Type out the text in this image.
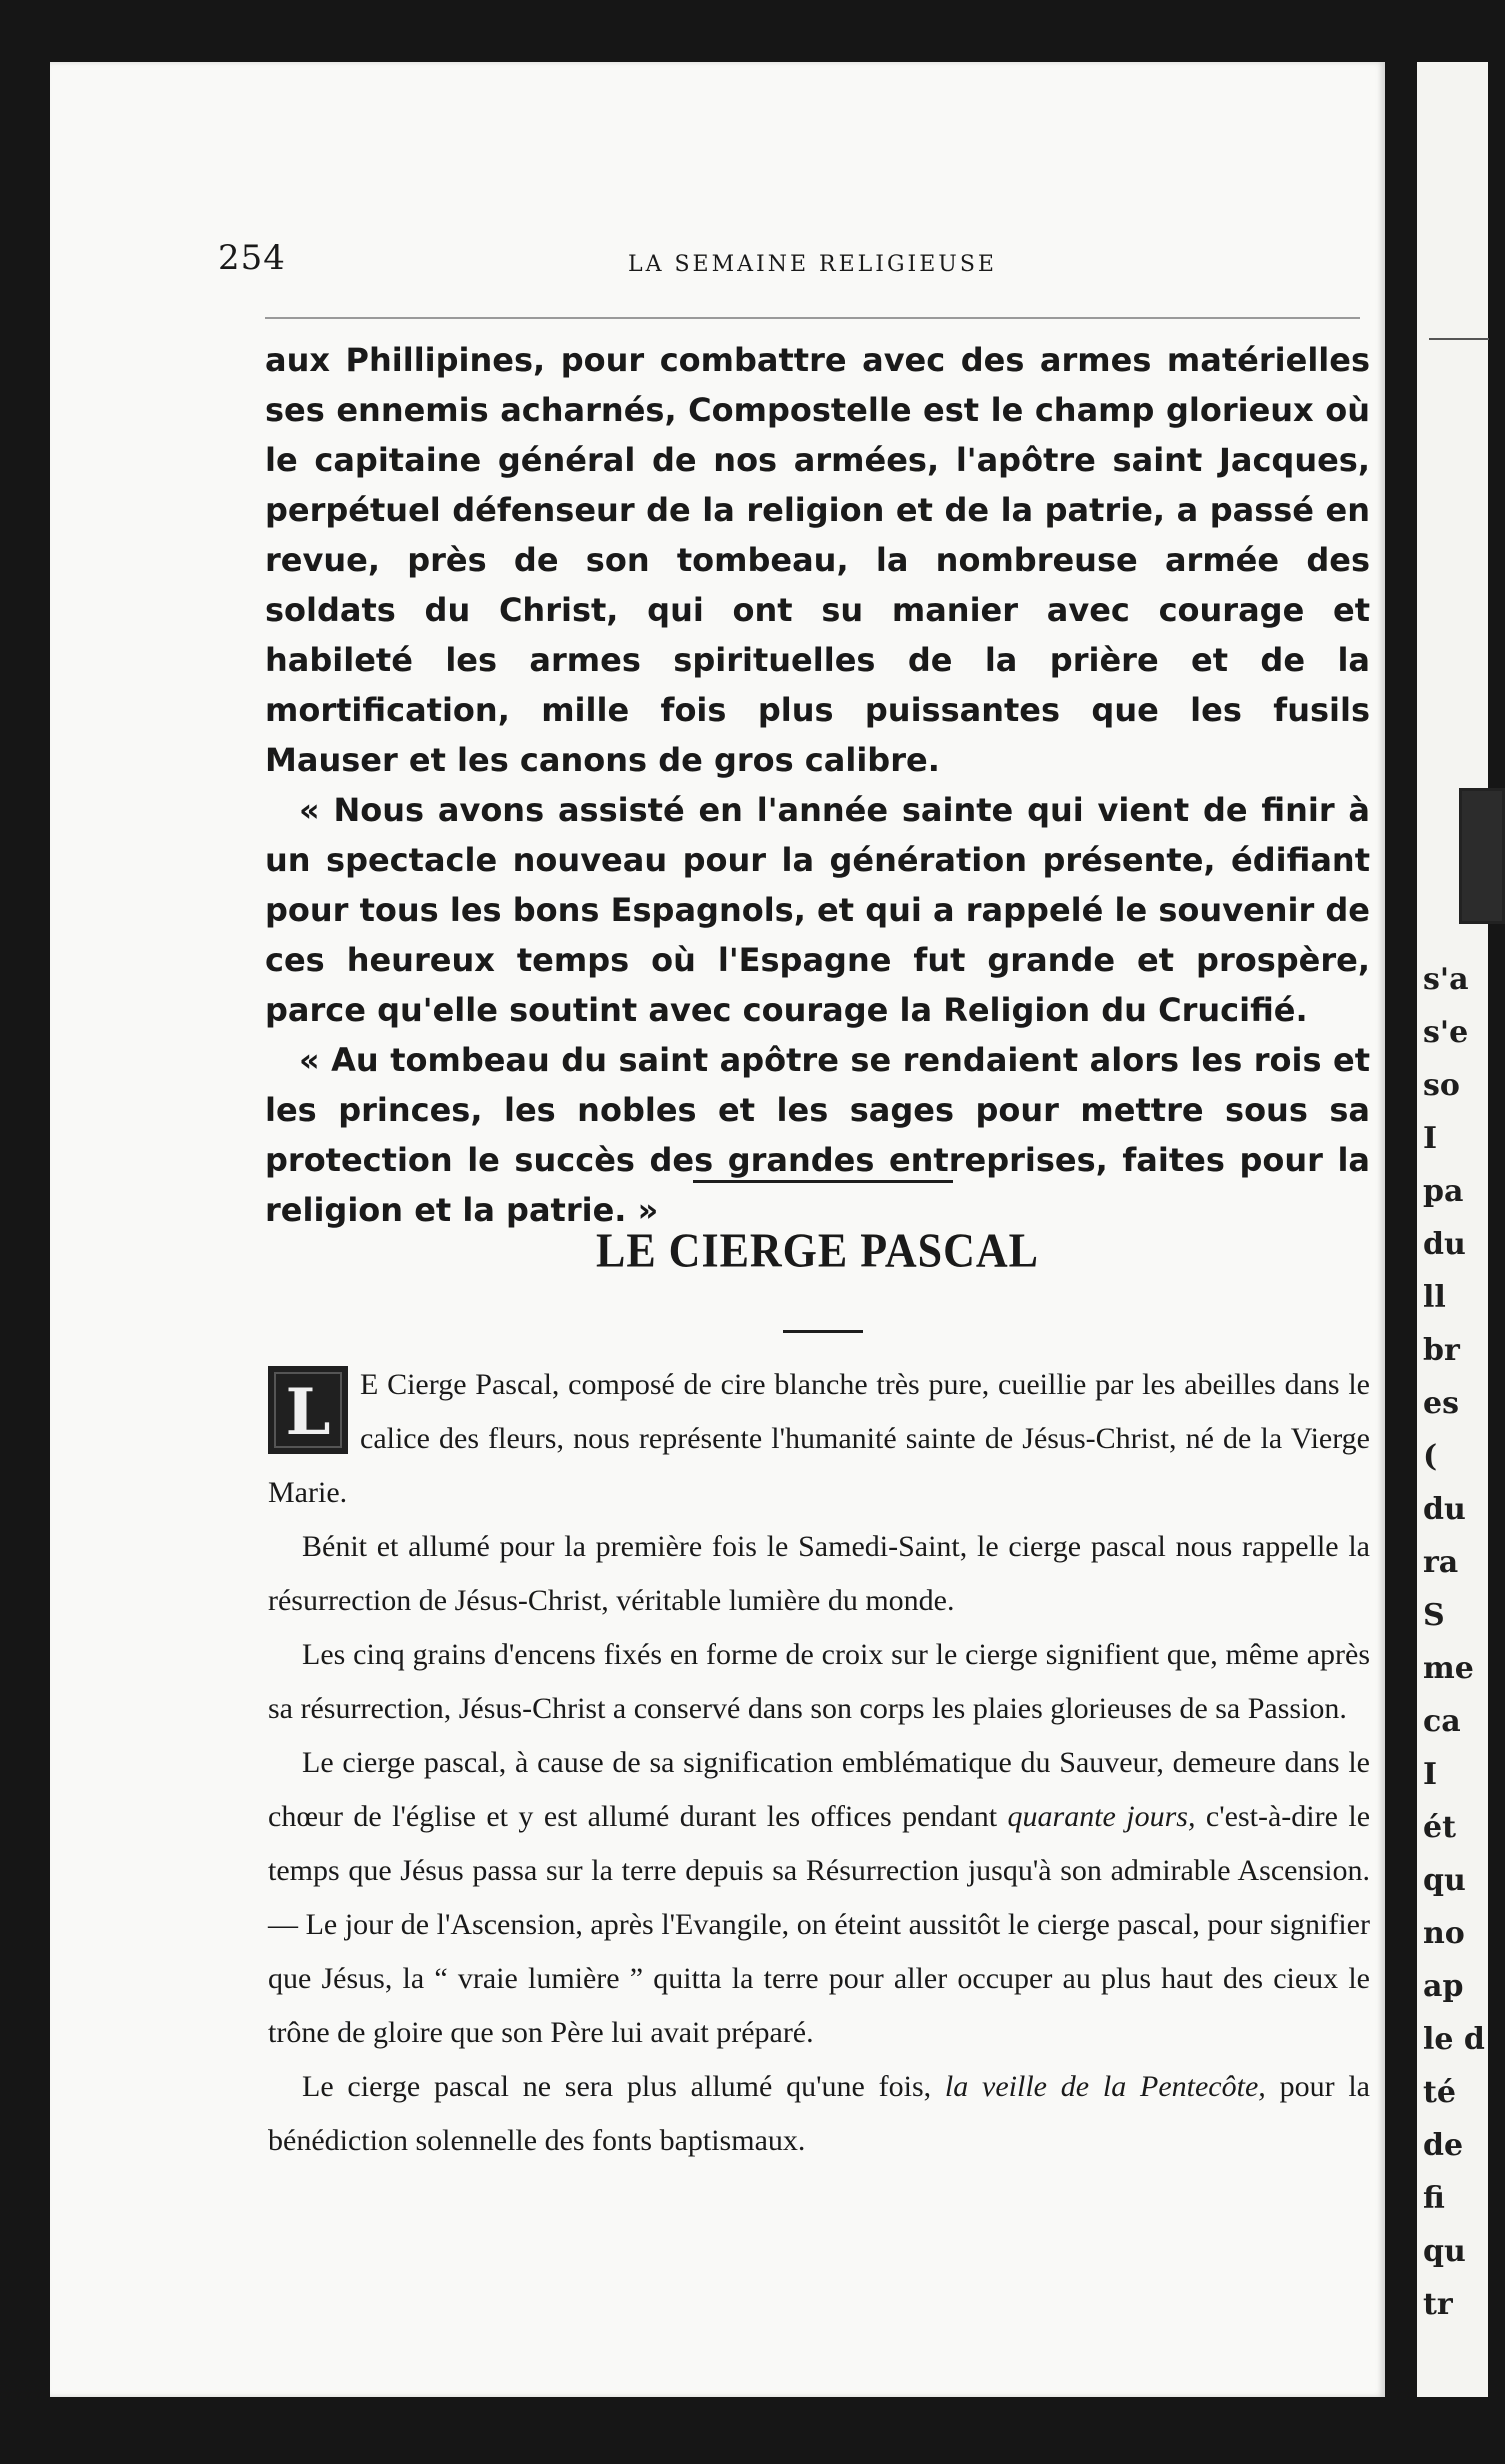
s'a
s'e
so
I
pa
du
ll
br
es
(
du
ra
S
me
ca
I
ét
qu
no
ap
le d
té
de
fi
qu
tr
254	LA SEMAINE RELIGIEUSE

aux Phillipines, pour combattre avec des armes matérielles ses ennemis acharnés, Compostelle est le champ glorieux où le capitaine général de nos armées, l'apôtre saint Jacques, perpétuel défenseur de la religion et de la patrie, a passé en revue, près de son tombeau, la nombreuse armée des soldats du Christ, qui ont su manier avec courage et habileté les armes spirituelles de la prière et de la mortification, mille fois plus puissantes que les fusils Mauser et les canons de gros calibre.

« Nous avons assisté en l'année sainte qui vient de finir à un spectacle nouveau pour la génération présente, édifiant pour tous les bons Espagnols, et qui a rappelé le souvenir de ces heureux temps où l'Espagne fut grande et prospère, parce qu'elle soutint avec courage la Religion du Crucifié.

« Au tombeau du saint apôtre se rendaient alors les rois et les princes, les nobles et les sages pour mettre sous sa protection le succès des grandes entreprises, faites pour la religion et la patrie. »

LE CIERGE PASCAL

L E Cierge Pascal, composé de cire blanche très pure, cueillie par les abeilles dans le calice des fleurs, nous représente l'humanité sainte de Jésus-Christ, né de la Vierge Marie.

Bénit et allumé pour la première fois le Samedi-Saint, le cierge pascal nous rappelle la résurrection de Jésus-Christ, véritable lumière du monde.

Les cinq grains d'encens fixés en forme de croix sur le cierge signifient que, même après sa résurrection, Jésus-Christ a conservé dans son corps les plaies glorieuses de sa Passion.

Le cierge pascal, à cause de sa signification emblématique du Sauveur, demeure dans le chœur de l'église et y est allumé durant les offices pendant quarante jours, c'est-à-dire le temps que Jésus passa sur la terre depuis sa Résurrection jusqu'à son admirable Ascension. — Le jour de l'Ascension, après l'Evangile, on éteint aussitôt le cierge pascal, pour signifier que Jésus, la “ vraie lumière ” quitta la terre pour aller occuper au plus haut des cieux le trône de gloire que son Père lui avait préparé.

Le cierge pascal ne sera plus allumé qu'une fois, la veille de la Pentecôte, pour la bénédiction solennelle des fonts baptismaux.
